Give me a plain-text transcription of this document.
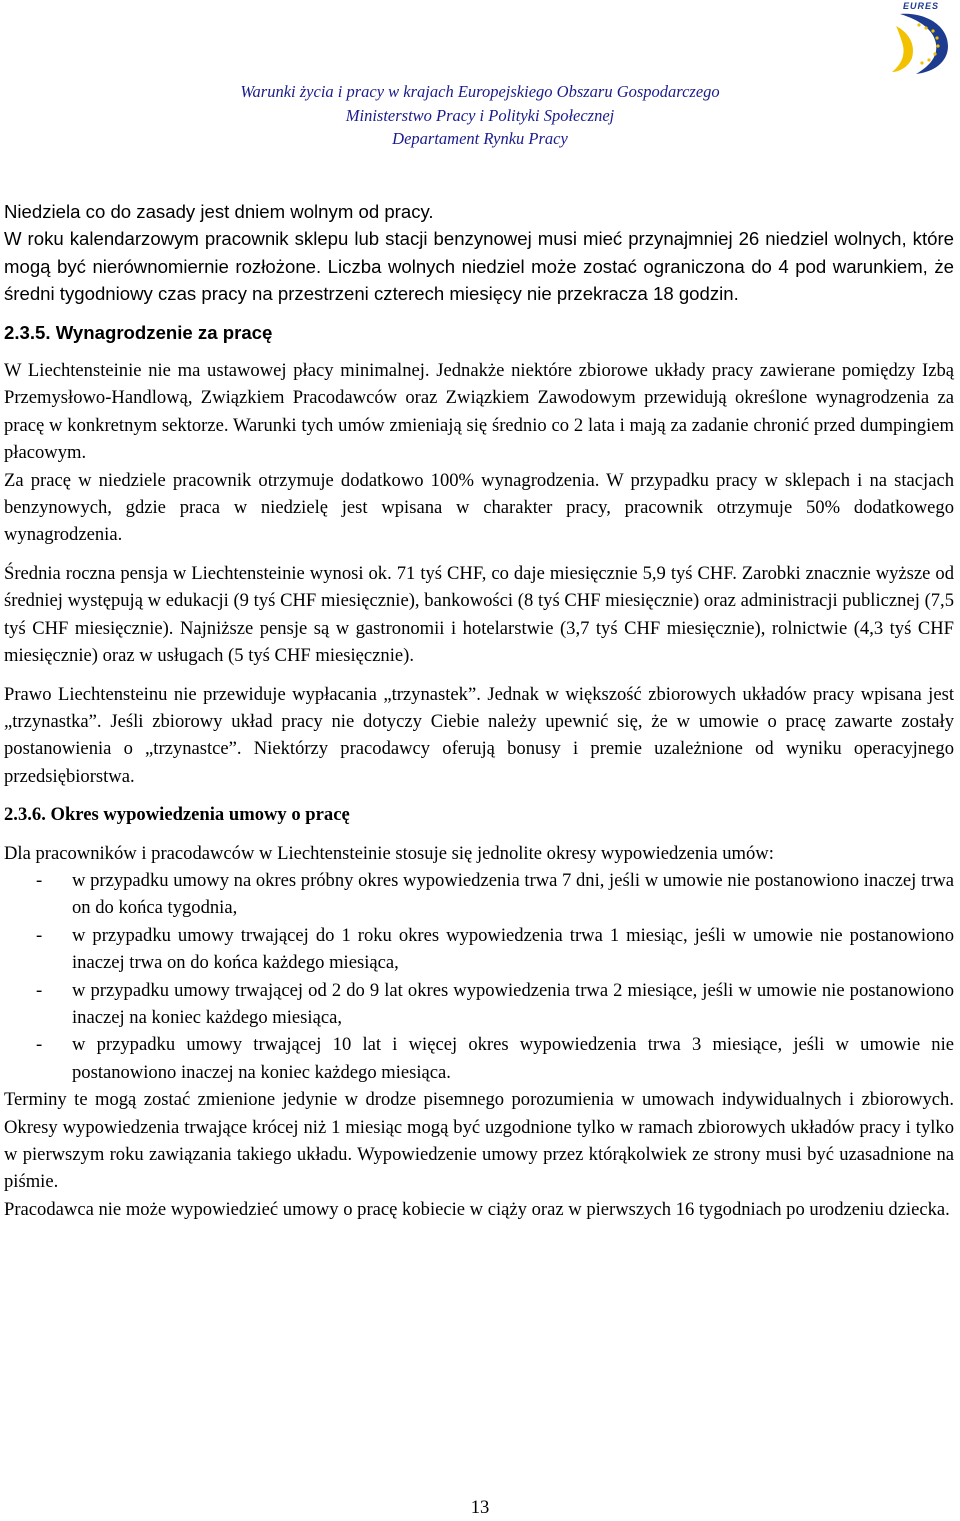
EURES
Warunki życia i pracy w krajach Europejskiego Obszaru Gospodarczego
Ministerstwo Pracy i Polityki Społecznej
Departament Rynku Pracy

Niedziela co do zasady jest dniem wolnym od pracy.

W roku kalendarzowym pracownik sklepu lub stacji benzynowej musi mieć przynajmniej 26 niedziel wolnych, które mogą być nierównomiernie rozłożone. Liczba wolnych niedziel może zostać ograniczona do 4 pod warunkiem, że średni tygodniowy czas pracy na przestrzeni czterech miesięcy nie przekracza 18 godzin.

2.3.5. Wynagrodzenie za pracę

W Liechtensteinie nie ma ustawowej płacy minimalnej. Jednakże niektóre zbiorowe układy pracy zawierane pomiędzy Izbą Przemysłowo-Handlową, Związkiem Pracodawców oraz Związkiem Zawodowym przewidują określone wynagrodzenia za pracę w konkretnym sektorze. Warunki tych umów zmieniają się średnio co 2 lata i mają za zadanie chronić przed dumpingiem płacowym.

Za pracę w niedziele pracownik otrzymuje dodatkowo 100% wynagrodzenia. W przypadku pracy w sklepach i na stacjach benzynowych, gdzie praca w niedzielę jest wpisana w charakter pracy, pracownik otrzymuje 50% dodatkowego wynagrodzenia.

Średnia roczna pensja w Liechtensteinie wynosi ok. 71 tyś CHF, co daje miesięcznie 5,9 tyś CHF. Zarobki znacznie wyższe od średniej występują w edukacji (9 tyś CHF miesięcznie), bankowości (8 tyś CHF miesięcznie) oraz administracji publicznej (7,5 tyś CHF miesięcznie). Najniższe pensje są w gastronomii i hotelarstwie (3,7 tyś CHF miesięcznie), rolnictwie (4,3 tyś CHF miesięcznie) oraz w usługach (5 tyś CHF miesięcznie).

Prawo Liechtensteinu nie przewiduje wypłacania „trzynastek”. Jednak w większość zbiorowych układów pracy wpisana jest „trzynastka”. Jeśli zbiorowy układ pracy nie dotyczy Ciebie należy upewnić się, że w umowie o pracę zawarte zostały postanowienia o „trzynastce”. Niektórzy pracodawcy oferują bonusy i premie uzależnione od wyniku operacyjnego przedsiębiorstwa.

2.3.6. Okres wypowiedzenia umowy o pracę

Dla pracowników i pracodawców w Liechtensteinie stosuje się jednolite okresy wypowiedzenia umów:

-	w przypadku umowy na okres próbny okres wypowiedzenia trwa 7 dni, jeśli w umowie nie postanowiono inaczej trwa on do końca tygodnia,
-	w przypadku umowy trwającej do 1 roku okres wypowiedzenia trwa 1 miesiąc, jeśli w umowie nie postanowiono inaczej trwa on do końca każdego miesiąca,
-	w przypadku umowy trwającej od 2 do 9 lat okres wypowiedzenia trwa 2 miesiące, jeśli w umowie nie postanowiono inaczej na koniec każdego miesiąca,
-	w przypadku umowy trwającej 10 lat i więcej okres wypowiedzenia trwa 3 miesiące, jeśli w umowie nie postanowiono inaczej na koniec każdego miesiąca.

Terminy te mogą zostać zmienione jedynie w drodze pisemnego porozumienia w umowach indywidualnych i zbiorowych. Okresy wypowiedzenia trwające krócej niż 1 miesiąc mogą być uzgodnione tylko w ramach zbiorowych układów pracy i tylko w pierwszym roku zawiązania takiego układu. Wypowiedzenie umowy przez którąkolwiek ze strony musi być uzasadnione na piśmie.

Pracodawca nie może wypowiedzieć umowy o pracę kobiecie w ciąży oraz w pierwszych 16 tygodniach po urodzeniu dziecka.

13
